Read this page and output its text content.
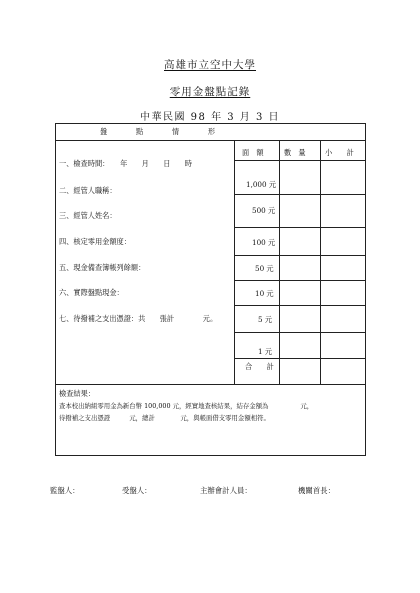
高雄市立空中大學
零用金盤點記錄
中華民國 98 年 3 月 3 日
盤　　　　點　　　　情　　　　形
面　額	數　量	小　　計
一、檢查時間：　　年　　月　　日　　時
二、經管人職稱：
三、經管人姓名：
四、核定零用金額度：
五、現金備查簿帳列餘額：
六、實際盤點現金：
七、待撥補之支出憑證：共　　張計　　　　元。
1,000 元
500 元
100 元
50 元
10 元
5 元
1 元
合　　計
檢查結果：
查本校出納組零用金為新台幣 100,000 元，經實地查核結果，結存金額為　　　　　元，
待撥補之支出憑證　　　元，總計　　　　元，與帳面借支零用金額相符。
監盤人：	受盤人：	主辦會計人員：	機關首長：
